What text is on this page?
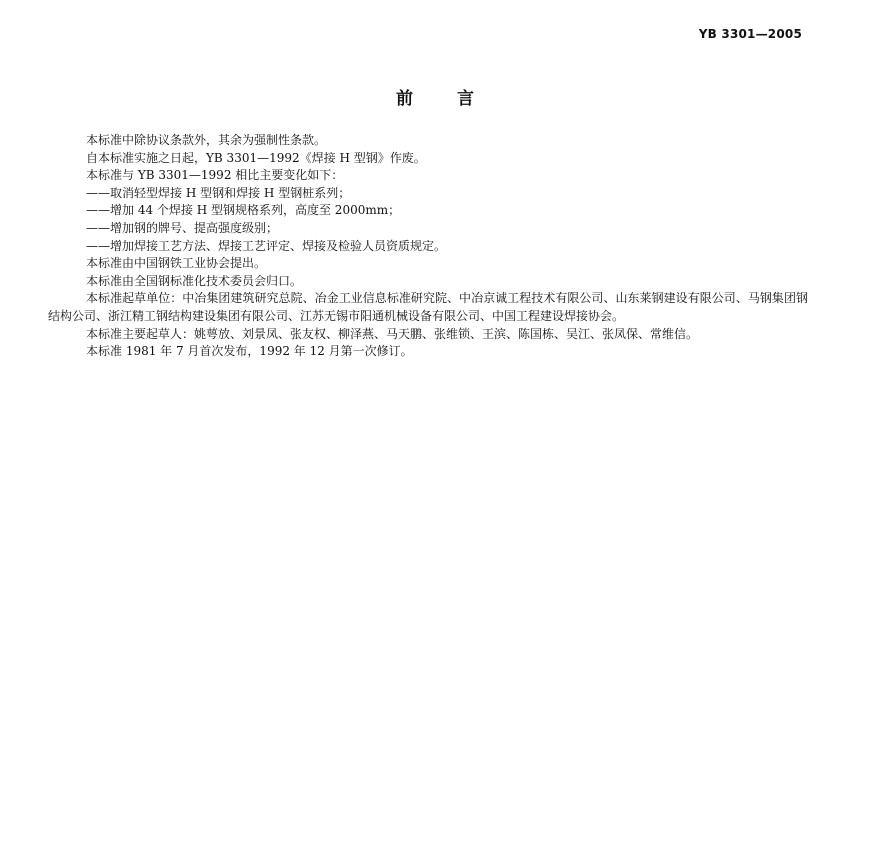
YB 3301—2005
前言

本标准中除协议条款外，其余为强制性条款。

自本标准实施之日起，YB 3301—1992《焊接 H 型钢》作废。

本标准与 YB 3301—1992 相比主要变化如下：

——取消轻型焊接 H 型钢和焊接 H 型钢桩系列；

——增加 44 个焊接 H 型钢规格系列，高度至 2000mm；

——增加钢的牌号、提高强度级别；

——增加焊接工艺方法、焊接工艺评定、焊接及检验人员资质规定。

本标准由中国钢铁工业协会提出。

本标准由全国钢标准化技术委员会归口。

本标准起草单位：中冶集团建筑研究总院、冶金工业信息标准研究院、中冶京诚工程技术有限公司、山东莱钢建设有限公司、马钢集团钢结构公司、浙江精工钢结构建设集团有限公司、江苏无锡市阳通机械设备有限公司、中国工程建设焊接协会。

本标准主要起草人：姚萼放、刘景凤、张友权、柳泽燕、马天鹏、张维锁、王滨、陈国栋、吴江、张凤保、常维信。

本标准 1981 年 7 月首次发布，1992 年 12 月第一次修订。
